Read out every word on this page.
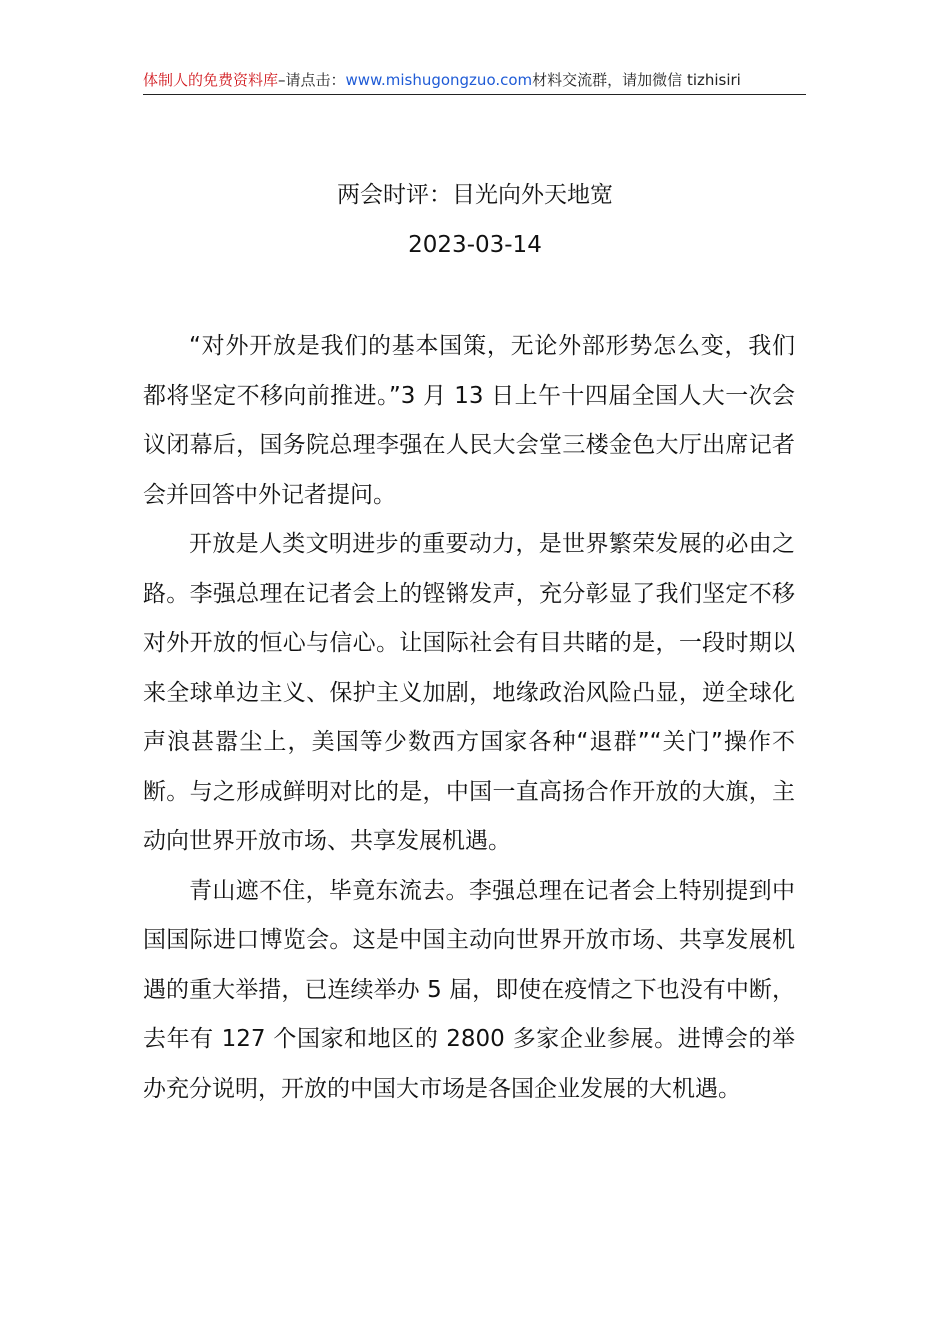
体制人的免费资料库–请点击：www.mishugongzuo.com材料交流群，请加微信 tizhisiri
两会时评：目光向外天地宽
2023-03-14

“对外开放是我们的基本国策，无论外部形势怎么变，我们都将坚定不移向前推进。”3 月 13 日上午十四届全国人大一次会议闭幕后，国务院总理李强在人民大会堂三楼金色大厅出席记者会并回答中外记者提问。

开放是人类文明进步的重要动力，是世界繁荣发展的必由之路。李强总理在记者会上的铿锵发声，充分彰显了我们坚定不移对外开放的恒心与信心。让国际社会有目共睹的是，一段时期以来全球单边主义、保护主义加剧，地缘政治风险凸显，逆全球化声浪甚嚣尘上，美国等少数西方国家各种“退群”“关门”操作不断。与之形成鲜明对比的是，中国一直高扬合作开放的大旗，主动向世界开放市场、共享发展机遇。

青山遮不住，毕竟东流去。李强总理在记者会上特别提到中国国际进口博览会。这是中国主动向世界开放市场、共享发展机遇的重大举措，已连续举办 5 届，即使在疫情之下也没有中断，去年有 127 个国家和地区的 2800 多家企业参展。进博会的举办充分说明，开放的中国大市场是各国企业发展的大机遇。
